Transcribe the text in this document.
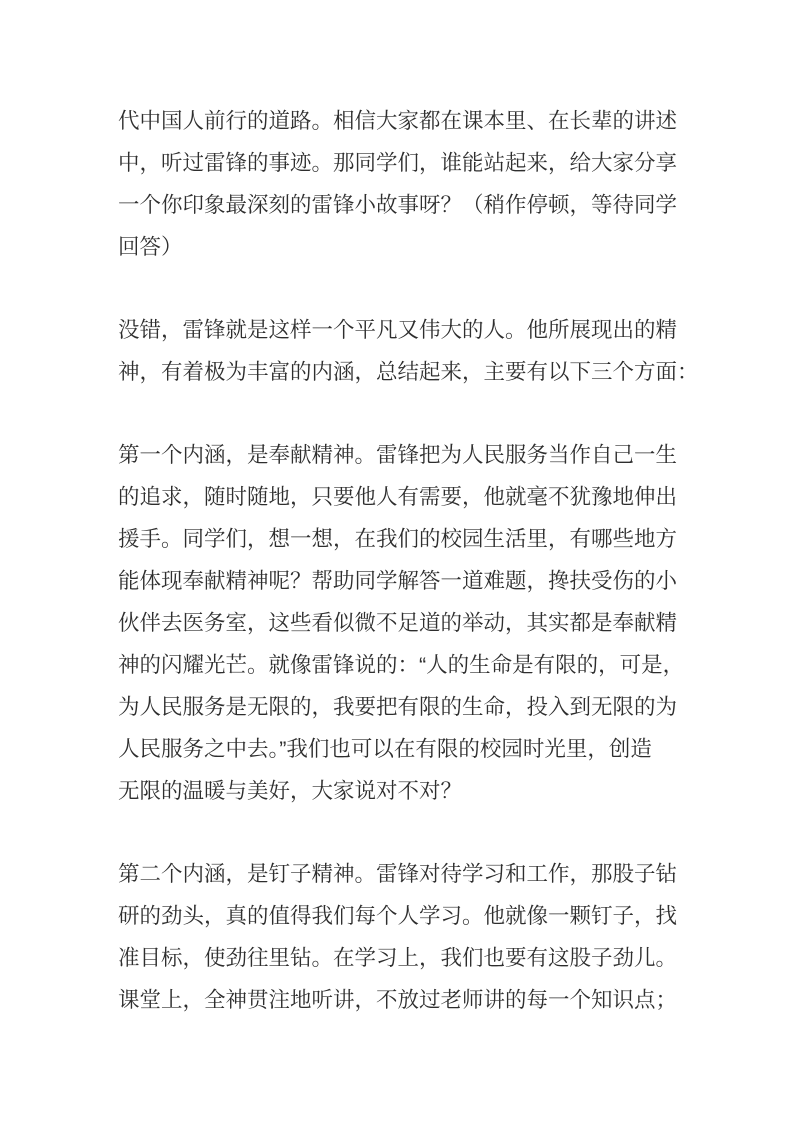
代中国人前行的道路。相信大家都在课本里、在长辈的讲述
中，听过雷锋的事迹。那同学们，谁能站起来，给大家分享
一个你印象最深刻的雷锋小故事呀？（稍作停顿，等待同学
回答）
没错，雷锋就是这样一个平凡又伟大的人。他所展现出的精
神，有着极为丰富的内涵，总结起来，主要有以下三个方面：
第一个内涵，是奉献精神。雷锋把为人民服务当作自己一生
的追求，随时随地，只要他人有需要，他就毫不犹豫地伸出
援手。同学们，想一想，在我们的校园生活里，有哪些地方
能体现奉献精神呢？帮助同学解答一道难题，搀扶受伤的小
伙伴去医务室，这些看似微不足道的举动，其实都是奉献精
神的闪耀光芒。就像雷锋说的：“人的生命是有限的，可是，
为人民服务是无限的，我要把有限的生命，投入到无限的为
人民服务之中去。”我们也可以在有限的校园时光里，创造
无限的温暖与美好，大家说对不对？
第二个内涵，是钉子精神。雷锋对待学习和工作，那股子钻
研的劲头，真的值得我们每个人学习。他就像一颗钉子，找
准目标，使劲往里钻。在学习上，我们也要有这股子劲儿。
课堂上，全神贯注地听讲，不放过老师讲的每一个知识点；
